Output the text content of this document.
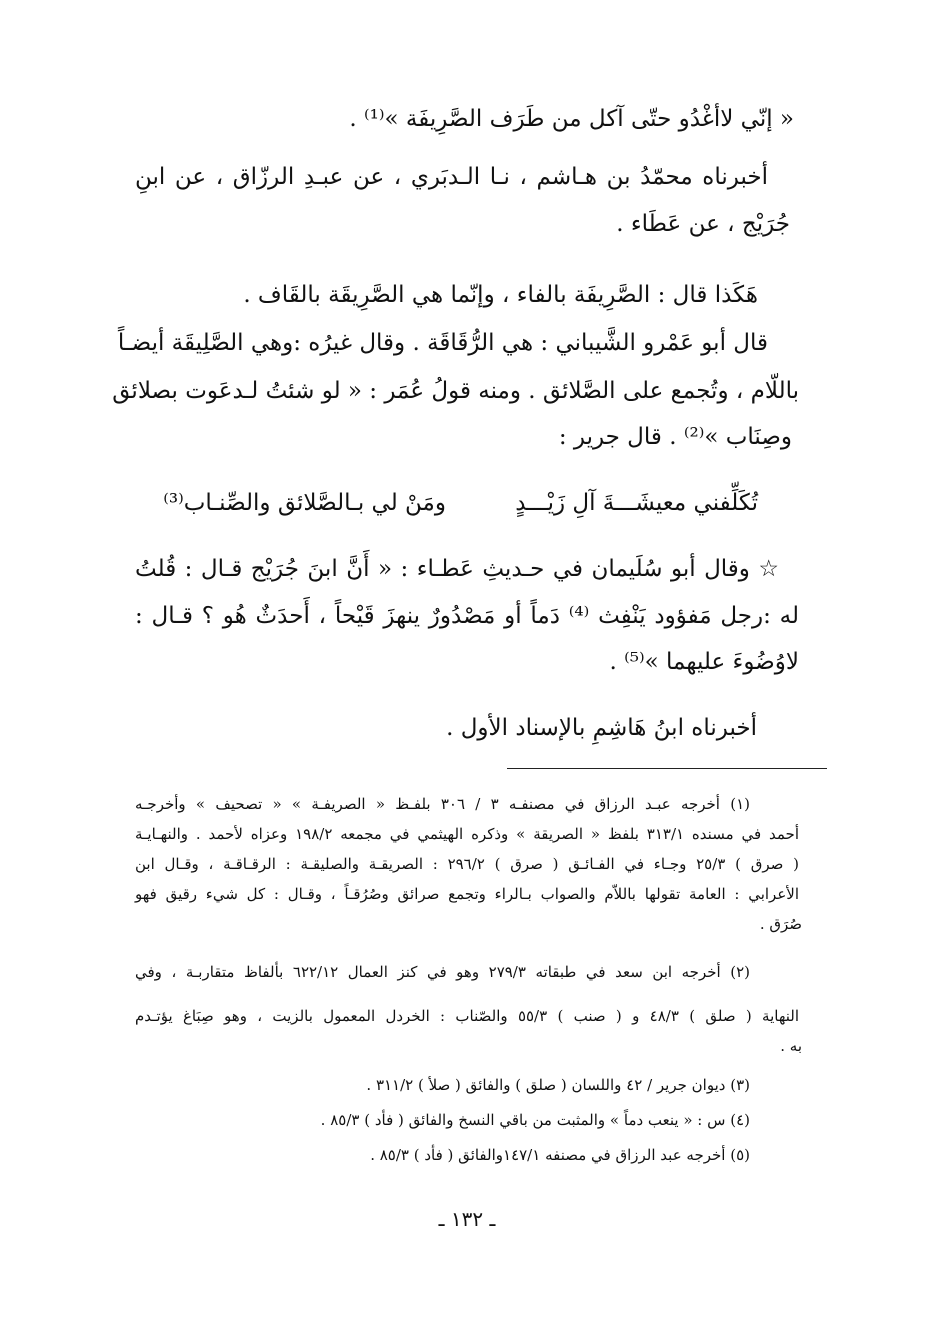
« إنّي لاأغْدُو حتّى آكل من طَرَف الصَّرِيفَة »⁽¹⁾ .
أخبرناه محمّدُ بن هـاشم ، نـا الـدبَري ، عن عبـدِ الرزّاق ، عن ابنِ
جُرَيْج ، عن عَطَاء .
هَكَذا قال : الصَّرِيفَة بالفاء ، وإنّما هي الصَّرِيقَة بالقَاف .
قال أبو عَمْرو الشَّيباني : هي الرُّقَاقَة . وقال غيرُه :وهي الصَّلِيقَة أيضـاً
باللّام ، وتُجمع على الصَّلائق . ومنه قولُ عُمَر : « لو شئتُ لـدعَوت بصلائق
وصِنَاب »⁽²⁾ . قال جرير :
تُكَلِّفني معيشَـــةَ آلِ زَيْـــدٍ
ومَنْ لي بـالصَّلائق والصِّنـاب⁽³⁾
☆ وقال أبو سُلَيمان في حـديثِ عَطـاء : « أَنَّ ابنَ جُرَيْج قـال : قُلتُ
له :رجل مَفؤود يَنْفِث ⁽⁴⁾ دَماً أو مَصْدُورٌ ينهزَ قَيْحاً ، أَحدَثٌ هُو ؟ قـال :
لاوُضُوءَ عليهما »⁽⁵⁾ .
أخبرناه ابنُ هَاشِمِ بالإسناد الأول .
(١) أخرجه عبـد الرزاق في مصنفـه ٣ / ٣٠٦ بلفـظ « الصريفـة » « تصحيف » وأخرجـه
أحمد في مسنده ٣١٣/١ بلفظ « الصريقة » وذكره الهيثمي في مجمعه ١٩٨/٢ وعزاه لأحمد . والنهـايـة
( صرق ) ٢٥/٣ وجـاء في الفـائـق ( صرق ) ٢٩٦/٢ : الصريقـة والصليقـة : الرقـاقـة ، وقـال ابن
الأعرابي : العامة تقولها باللاّم والصواب بـالراء وتجمع صرائق وصُرُقـاً ، وقـال : كل شيء رقيق فهو
صُرَق .
(٢) أخرجه ابن سعد في طبقاته ٢٧٩/٣ وهو في كنز العمال ٦٢٢/١٢ بألفاظ متقاربـة ، وفي
النهاية ( صلق ) ٤٨/٣ و ( صنب ) ٥٥/٣ والصّناب : الخردل المعمول بالزيت ، وهو صِبَاغ يؤتـدم
به .
(٣) ديوان جرير / ٤٢ واللسان ( صلق ) والفائق ( صلأ ) ٣١١/٢ .
(٤) س : « ينعب دماً » والمثبت من باقي النسخ والفائق ( فأد ) ٨٥/٣ .
(٥) أخرجه عبد الرزاق في مصنفه ١٤٧/١والفائق ( فأد ) ٨٥/٣ .
ـ ١٣٢ ـ
